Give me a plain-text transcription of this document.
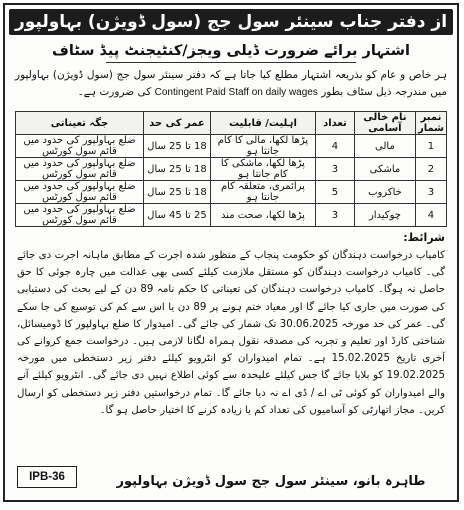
از دفتر جناب سینئر سول جج (سول ڈویژن) بہاولپور
اشتہار برائے ضرورت ڈیلی ویجز/کنٹیجنٹ پیڈ سٹاف
ہر خاص و عام کو بذریعہ اشتہار مطلع کیا جاتا ہے کہ دفتر سینئر سول جج (سول ڈویژن) بہاولپور میں مندرجہ ذیل سٹاف بطور Contingent Paid Staff on daily wages کی ضرورت ہے۔
نمبر شمار	نام خالی آسامی	تعداد	اہلیت/ قابلیت	عمر کی حد	جگہ تعیناتی
1	مالی	4	پڑھا لکھا، مالی کا کام جانتا ہو	18 تا 25 سال	ضلع بہاولپور کی حدود میں قائم سول کورٹس
2	ماشکی	3	پڑھا لکھا، ماشکی کا کام جانتا ہو	18 تا 25 سال	ضلع بہاولپور کی حدود میں قائم سول کورٹس
3	خاکروب	5	پرائمری، متعلقہ کام جانتا ہو	18 تا 25 سال	ضلع بہاولپور کی حدود میں قائم سول کورٹس
4	چوکیدار	3	پڑھا لکھا، صحت مند	25 تا 45 سال	ضلع بہاولپور کی حدود میں قائم سول کورٹس
شرائط:
کامیاب درخواست دہندگان کو حکومت پنجاب کے منظور شدہ اجرت کے مطابق ماہانہ اجرت دی جائے گی۔ کامیاب درخواست دہندگان کو مستقل ملازمت کیلئے کسی بھی عدالت میں چارہ جوئی کا حق حاصل نہ ہوگا۔ کامیاب درخواست دہندگان کی تعیناتی کا حکم نامہ 89 دن کے لیے بحث کی دستیابی کی صورت میں جاری کیا جائے گا اور معیاد ختم ہونے پر 89 دن یا اس سے کم کی توسیع کی جا سکے گی۔ عمر کی حد مورخہ 30.06.2025 تک شمار کی جائے گی۔ امیدوار کا ضلع بہاولپور کا ڈومیسائل، شناختی کارڈ اور تعلیم و تجربہ کی مصدقہ نقول ہمراہ لگانا لازمی ہیں۔ درخواست جمع کروانے کی آخری تاریخ 15.02.2025 ہے۔ تمام امیدواران کو انٹرویو کیلئے دفتر زیر دستخطی میں مورخہ 19.02.2025 کو بلایا جائے گا جس کیلئے علیحدہ سے کوئی اطلاع نہیں دی جائے گی۔ انٹرویو کیلئے آنے والے امیدواران کو کوئی ٹی اے / ڈی اے نہ دیا جائے گا۔ تمام درخواستیں دفتر زیر دستخطی کو ارسال کریں۔ مجاز اتھارٹی کو آسامیوں کی تعداد کم یا زیادہ کرنے کا اختیار حاصل ہو گا۔
IPB-36	طاہرہ بانو، سینئر سول جج سول ڈویژن بہاولپور
